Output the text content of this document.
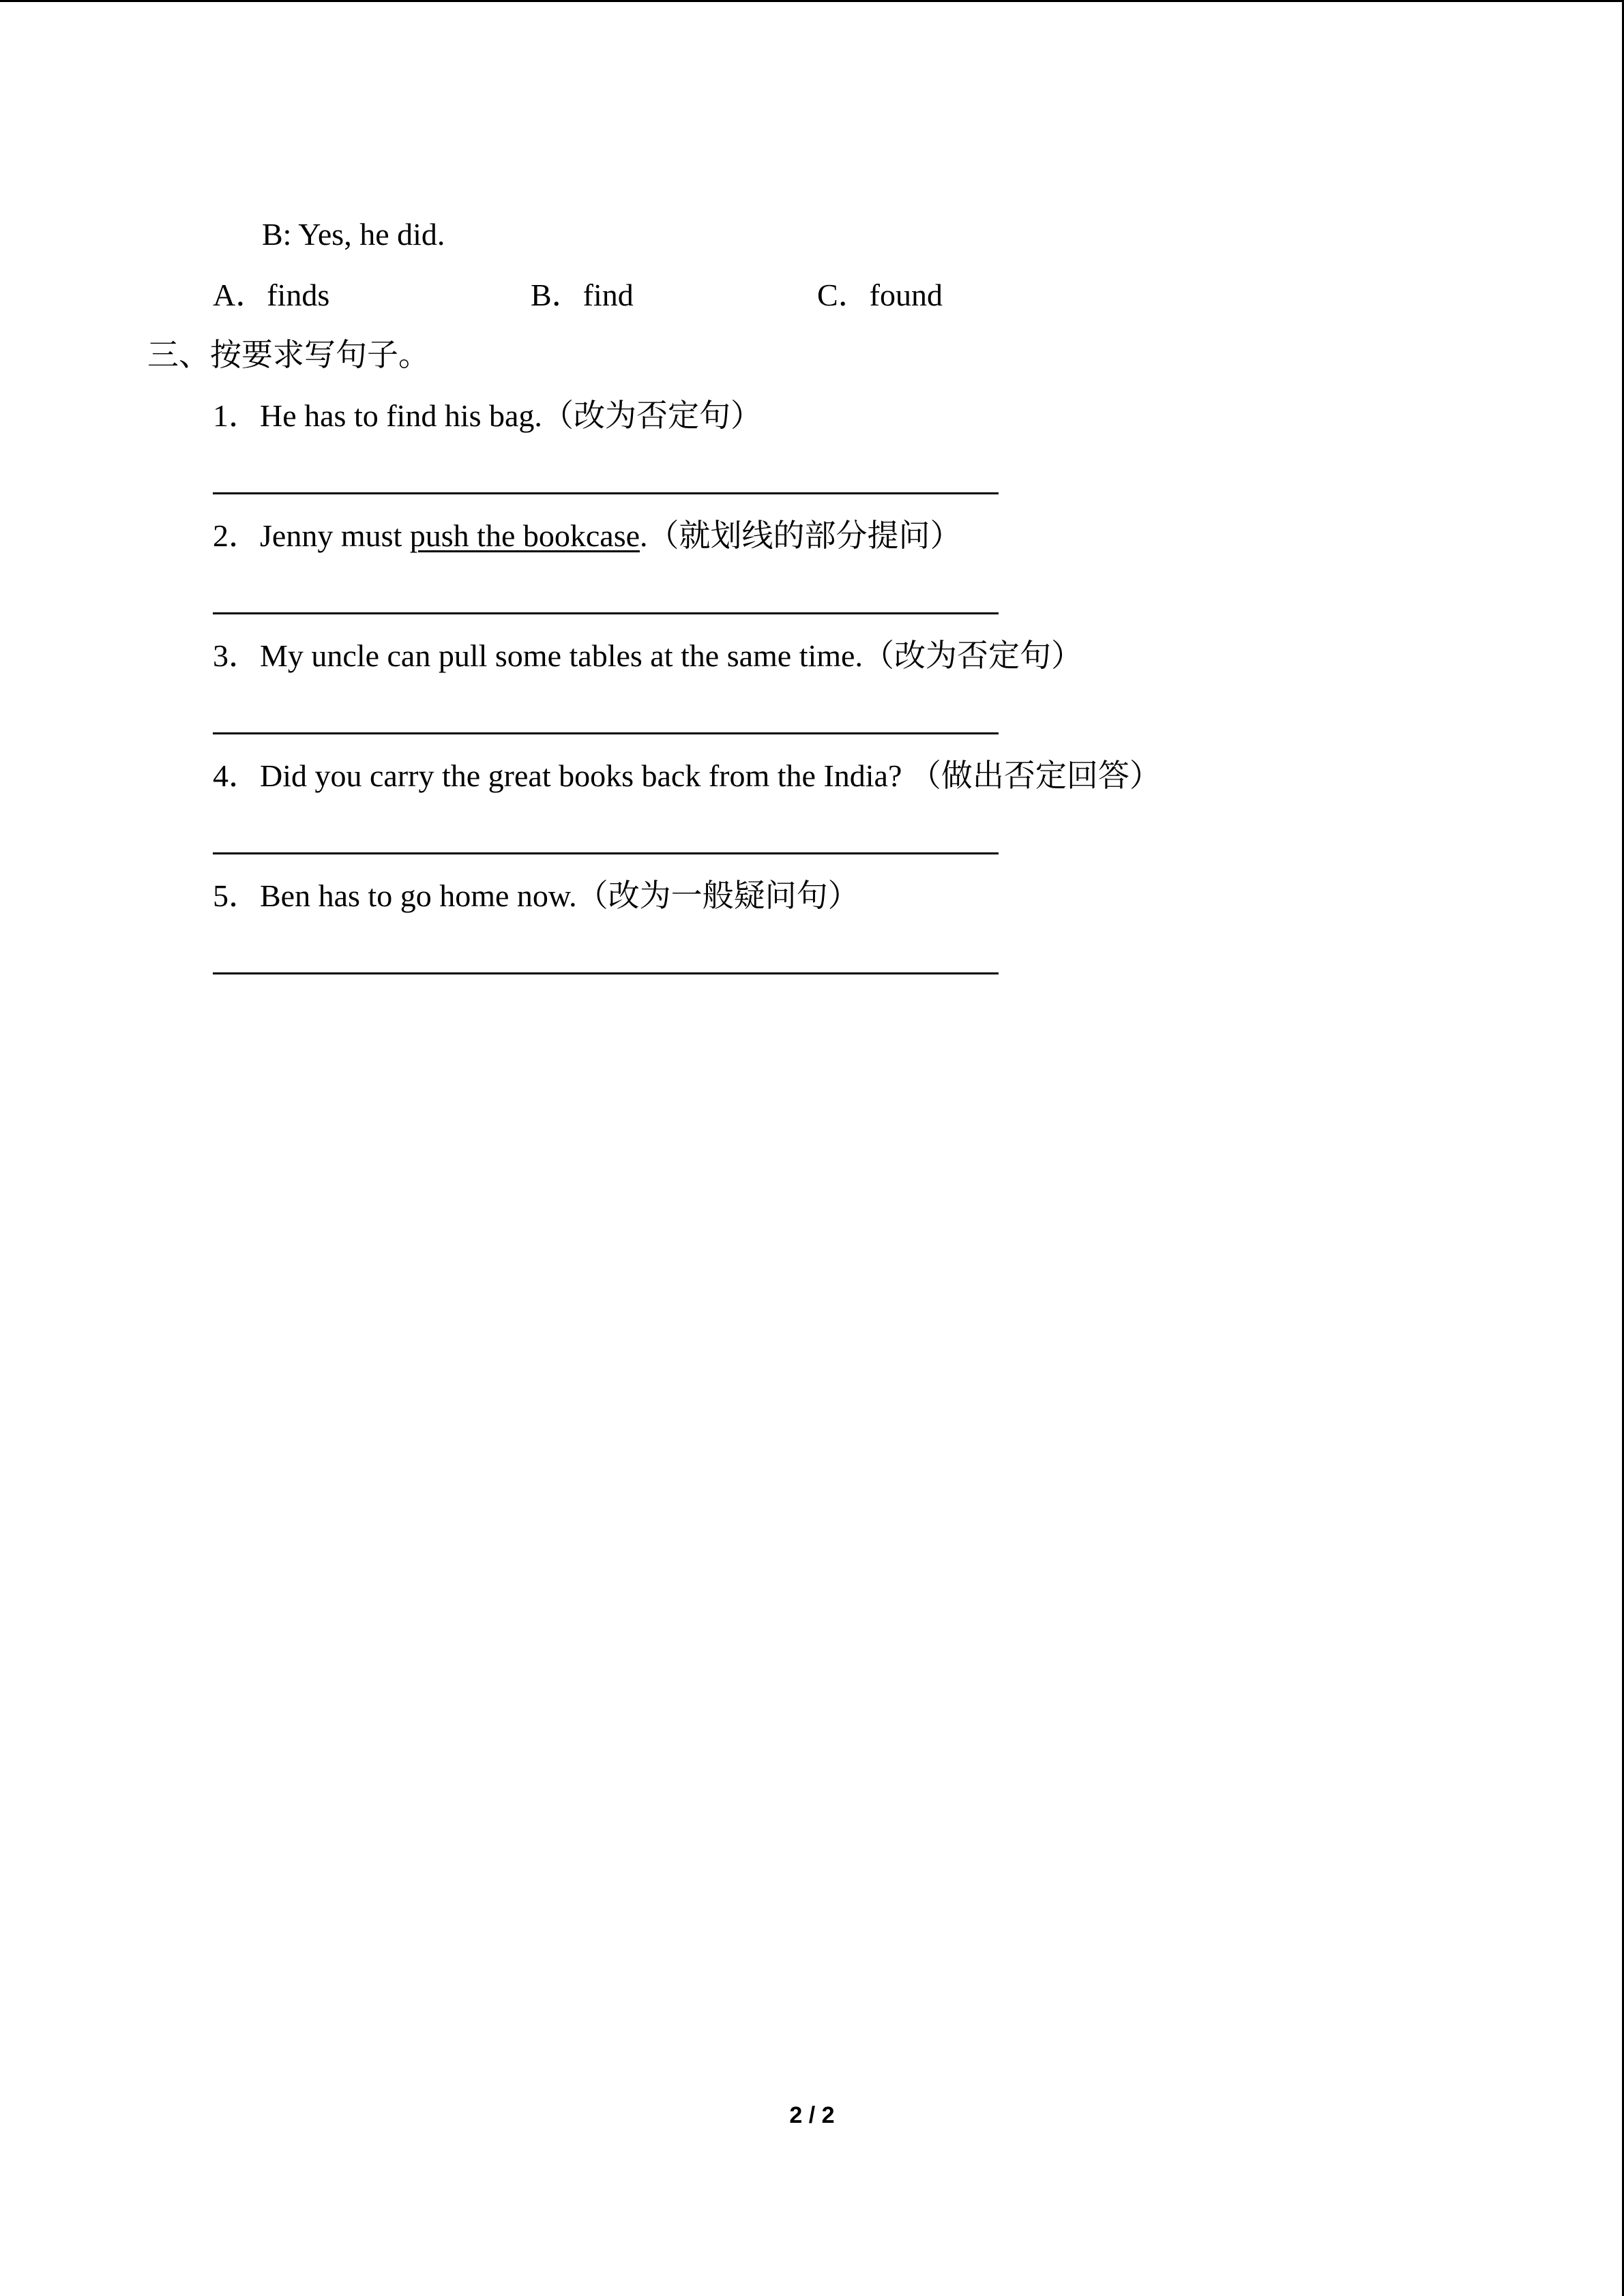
B: Yes, he did.
A．finds	B．find	C．found
三、按要求写句子。
1．He has to find his bag.（改为否定句）
2．Jenny must push the bookcase.（就划线的部分提问）
3．My uncle can pull some tables at the same time.（改为否定句）
4．Did you carry the great books back from the India? （做出否定回答）
5．Ben has to go home now.（改为一般疑问句）
2 / 2
